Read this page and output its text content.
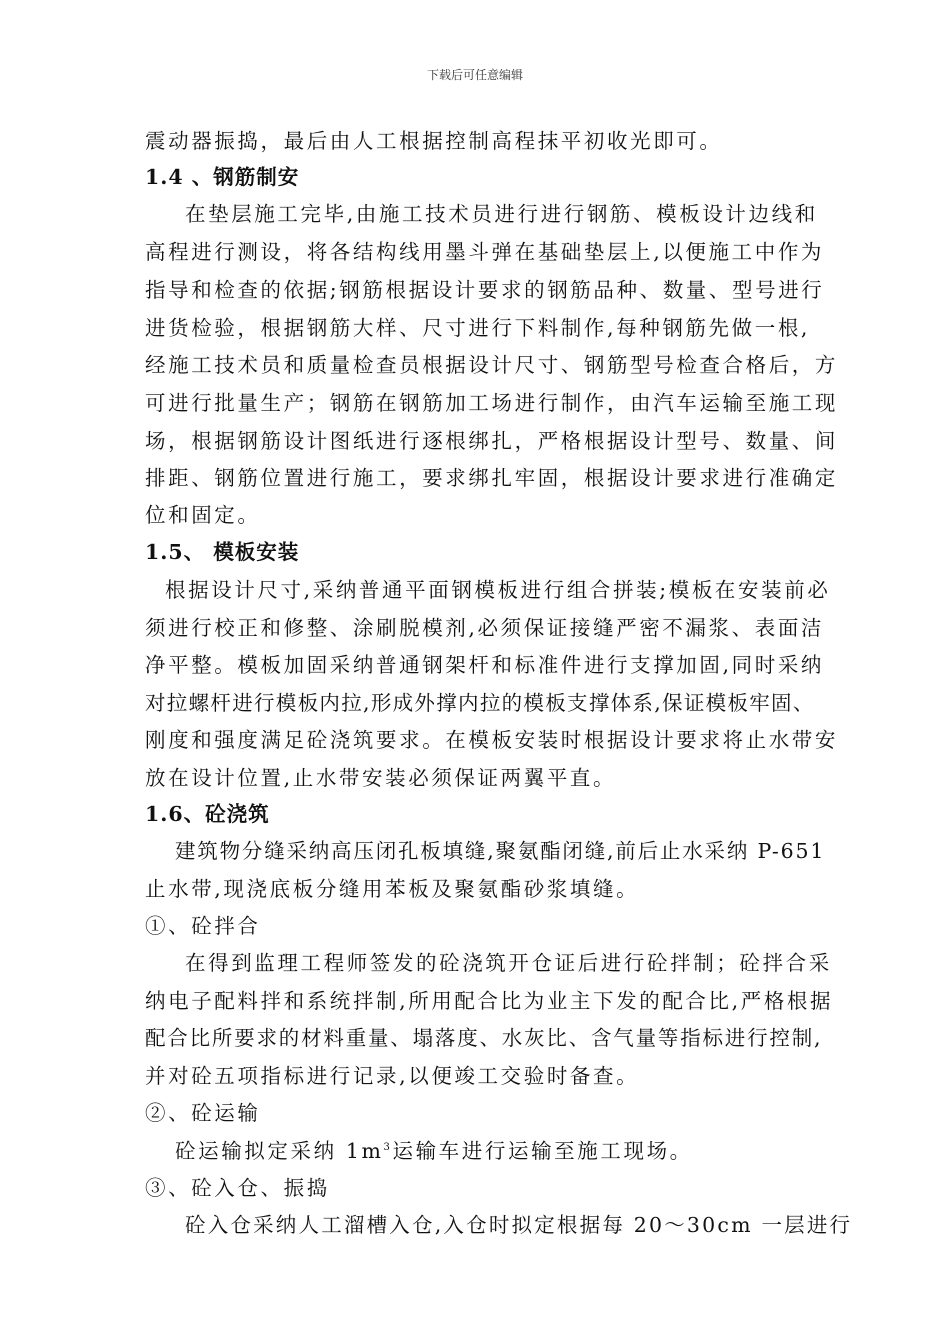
下载后可任意编辑
震动器振捣，最后由人工根据控制高程抹平初收光即可。
1.4 、钢筋制安
在垫层施工完毕,由施工技术员进行进行钢筋、模板设计边线和
高程进行测设，将各结构线用墨斗弹在基础垫层上,以便施工中作为
指导和检查的依据;钢筋根据设计要求的钢筋品种、数量、型号进行
进货检验，根据钢筋大样、尺寸进行下料制作,每种钢筋先做一根,
经施工技术员和质量检查员根据设计尺寸、钢筋型号检查合格后，方
可进行批量生产；钢筋在钢筋加工场进行制作，由汽车运输至施工现
场，根据钢筋设计图纸进行逐根绑扎，严格根据设计型号、数量、间
排距、钢筋位置进行施工，要求绑扎牢固，根据设计要求进行准确定
位和固定。
1.5、 模板安装
根据设计尺寸,采纳普通平面钢模板进行组合拼装;模板在安装前必
须进行校正和修整、涂刷脱模剂,必须保证接缝严密不漏浆、表面洁
净平整。模板加固采纳普通钢架杆和标准件进行支撑加固,同时采纳
对拉螺杆进行模板内拉,形成外撑内拉的模板支撑体系,保证模板牢固、
刚度和强度满足砼浇筑要求。在模板安装时根据设计要求将止水带安
放在设计位置,止水带安装必须保证两翼平直。
1.6、砼浇筑
建筑物分缝采纳高压闭孔板填缝,聚氨酯闭缝,前后止水采纳 P-651
止水带,现浇底板分缝用苯板及聚氨酯砂浆填缝。
①、砼拌合
在得到监理工程师签发的砼浇筑开仓证后进行砼拌制；砼拌合采
纳电子配料拌和系统拌制,所用配合比为业主下发的配合比,严格根据
配合比所要求的材料重量、塌落度、水灰比、含气量等指标进行控制,
并对砼五项指标进行记录,以便竣工交验时备查。
②、砼运输
砼运输拟定采纳 $1m^3$运输车进行运输至施工现场。
③、砼入仓、振捣
砼入仓采纳人工溜槽入仓,入仓时拟定根据每 20～30cm 一层进行
